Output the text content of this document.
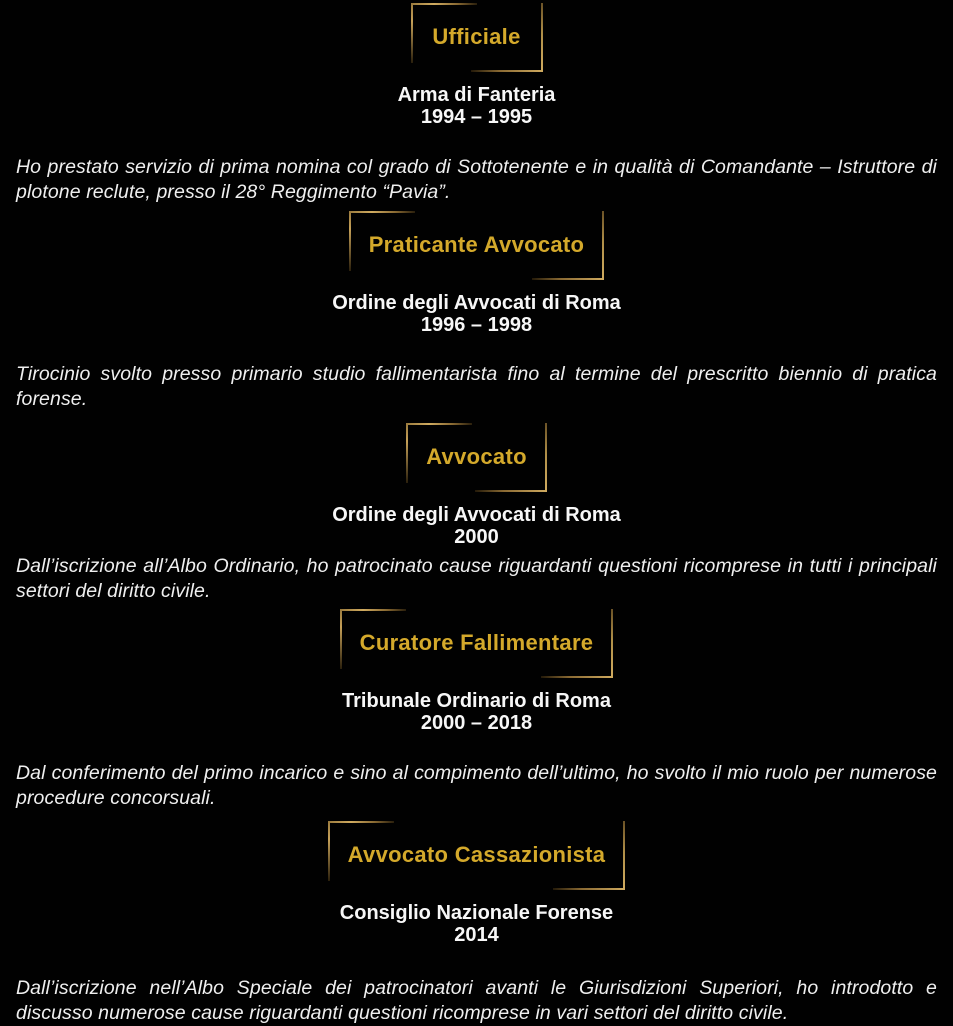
Ufficiale
Arma di Fanteria
1994 – 1995

Ho prestato servizio di prima nomina col grado di Sottotenente e in qualità di Comandante – Istruttore di plotone reclute, presso il 28° Reggimento “Pavia”.

Praticante Avvocato
Ordine degli Avvocati di Roma
1996 – 1998

Tirocinio svolto presso primario studio fallimentarista fino al termine del prescritto biennio di pratica forense.

Avvocato
Ordine degli Avvocati di Roma
2000

Dall’iscrizione all’Albo Ordinario, ho patrocinato cause riguardanti questioni ricomprese in tutti i principali settori del diritto civile.

Curatore Fallimentare
Tribunale Ordinario di Roma
2000 – 2018

Dal conferimento del primo incarico e sino al compimento dell’ultimo, ho svolto il mio ruolo per numerose procedure concorsuali.

Avvocato Cassazionista
Consiglio Nazionale Forense
2014

Dall’iscrizione nell’Albo Speciale dei patrocinatori avanti le Giurisdizioni Superiori, ho introdotto e discusso numerose cause riguardanti questioni ricomprese in vari settori del diritto civile.
